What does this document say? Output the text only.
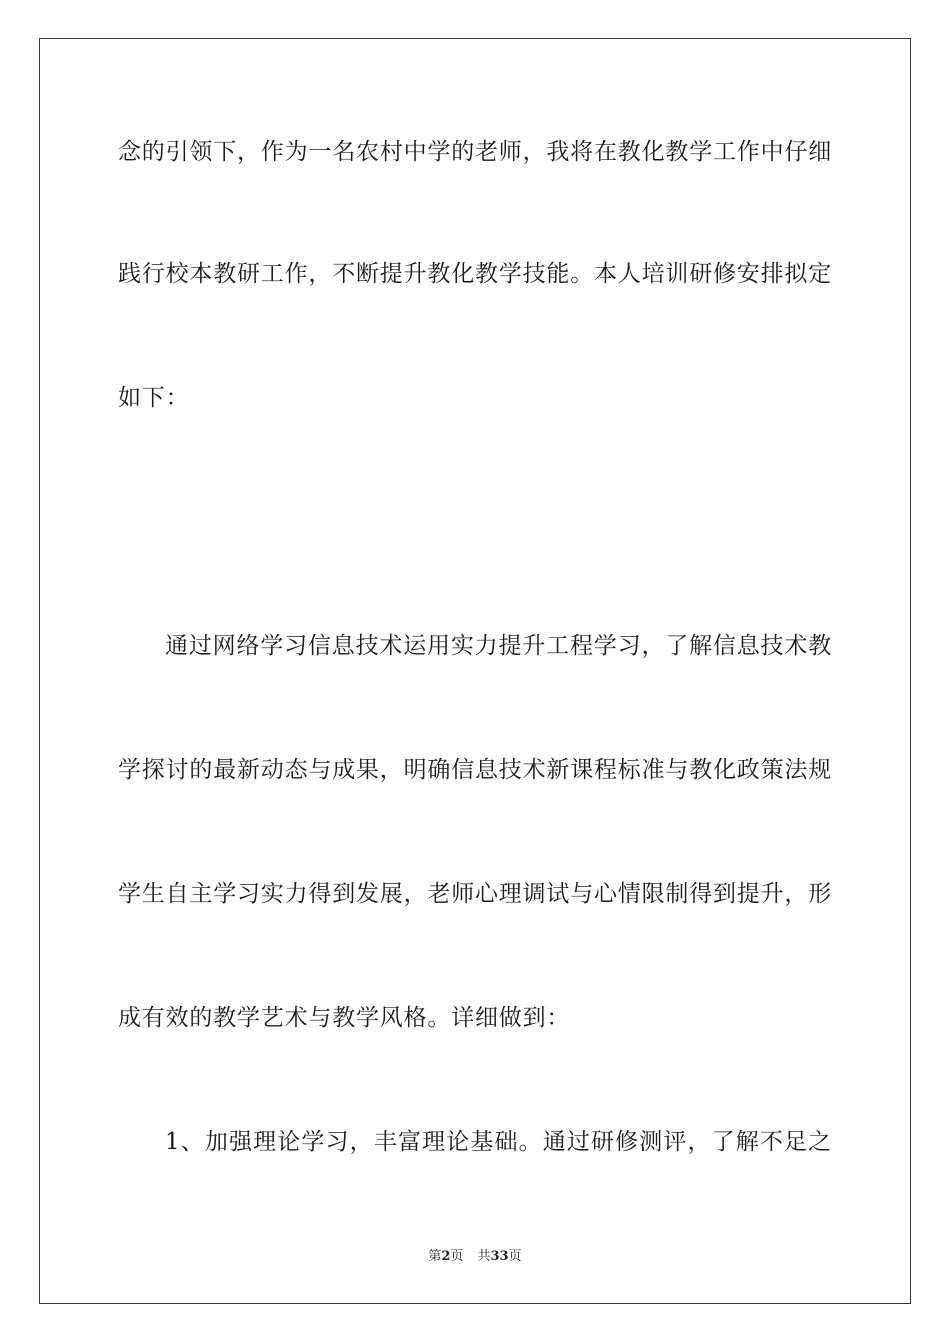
念的引领下，作为一名农村中学的老师，我将在教化教学工作中仔细
践行校本教研工作，不断提升教化教学技能。本人培训研修安排拟定
如下：
通过网络学习信息技术运用实力提升工程学习，了解信息技术教
学探讨的最新动态与成果，明确信息技术新课程标准与教化政策法规
学生自主学习实力得到发展，老师心理调试与心情限制得到提升，形
成有效的教学艺术与教学风格。详细做到：
1、加强理论学习，丰富理论基础。通过研修测评，了解不足之
第2页 共33页
